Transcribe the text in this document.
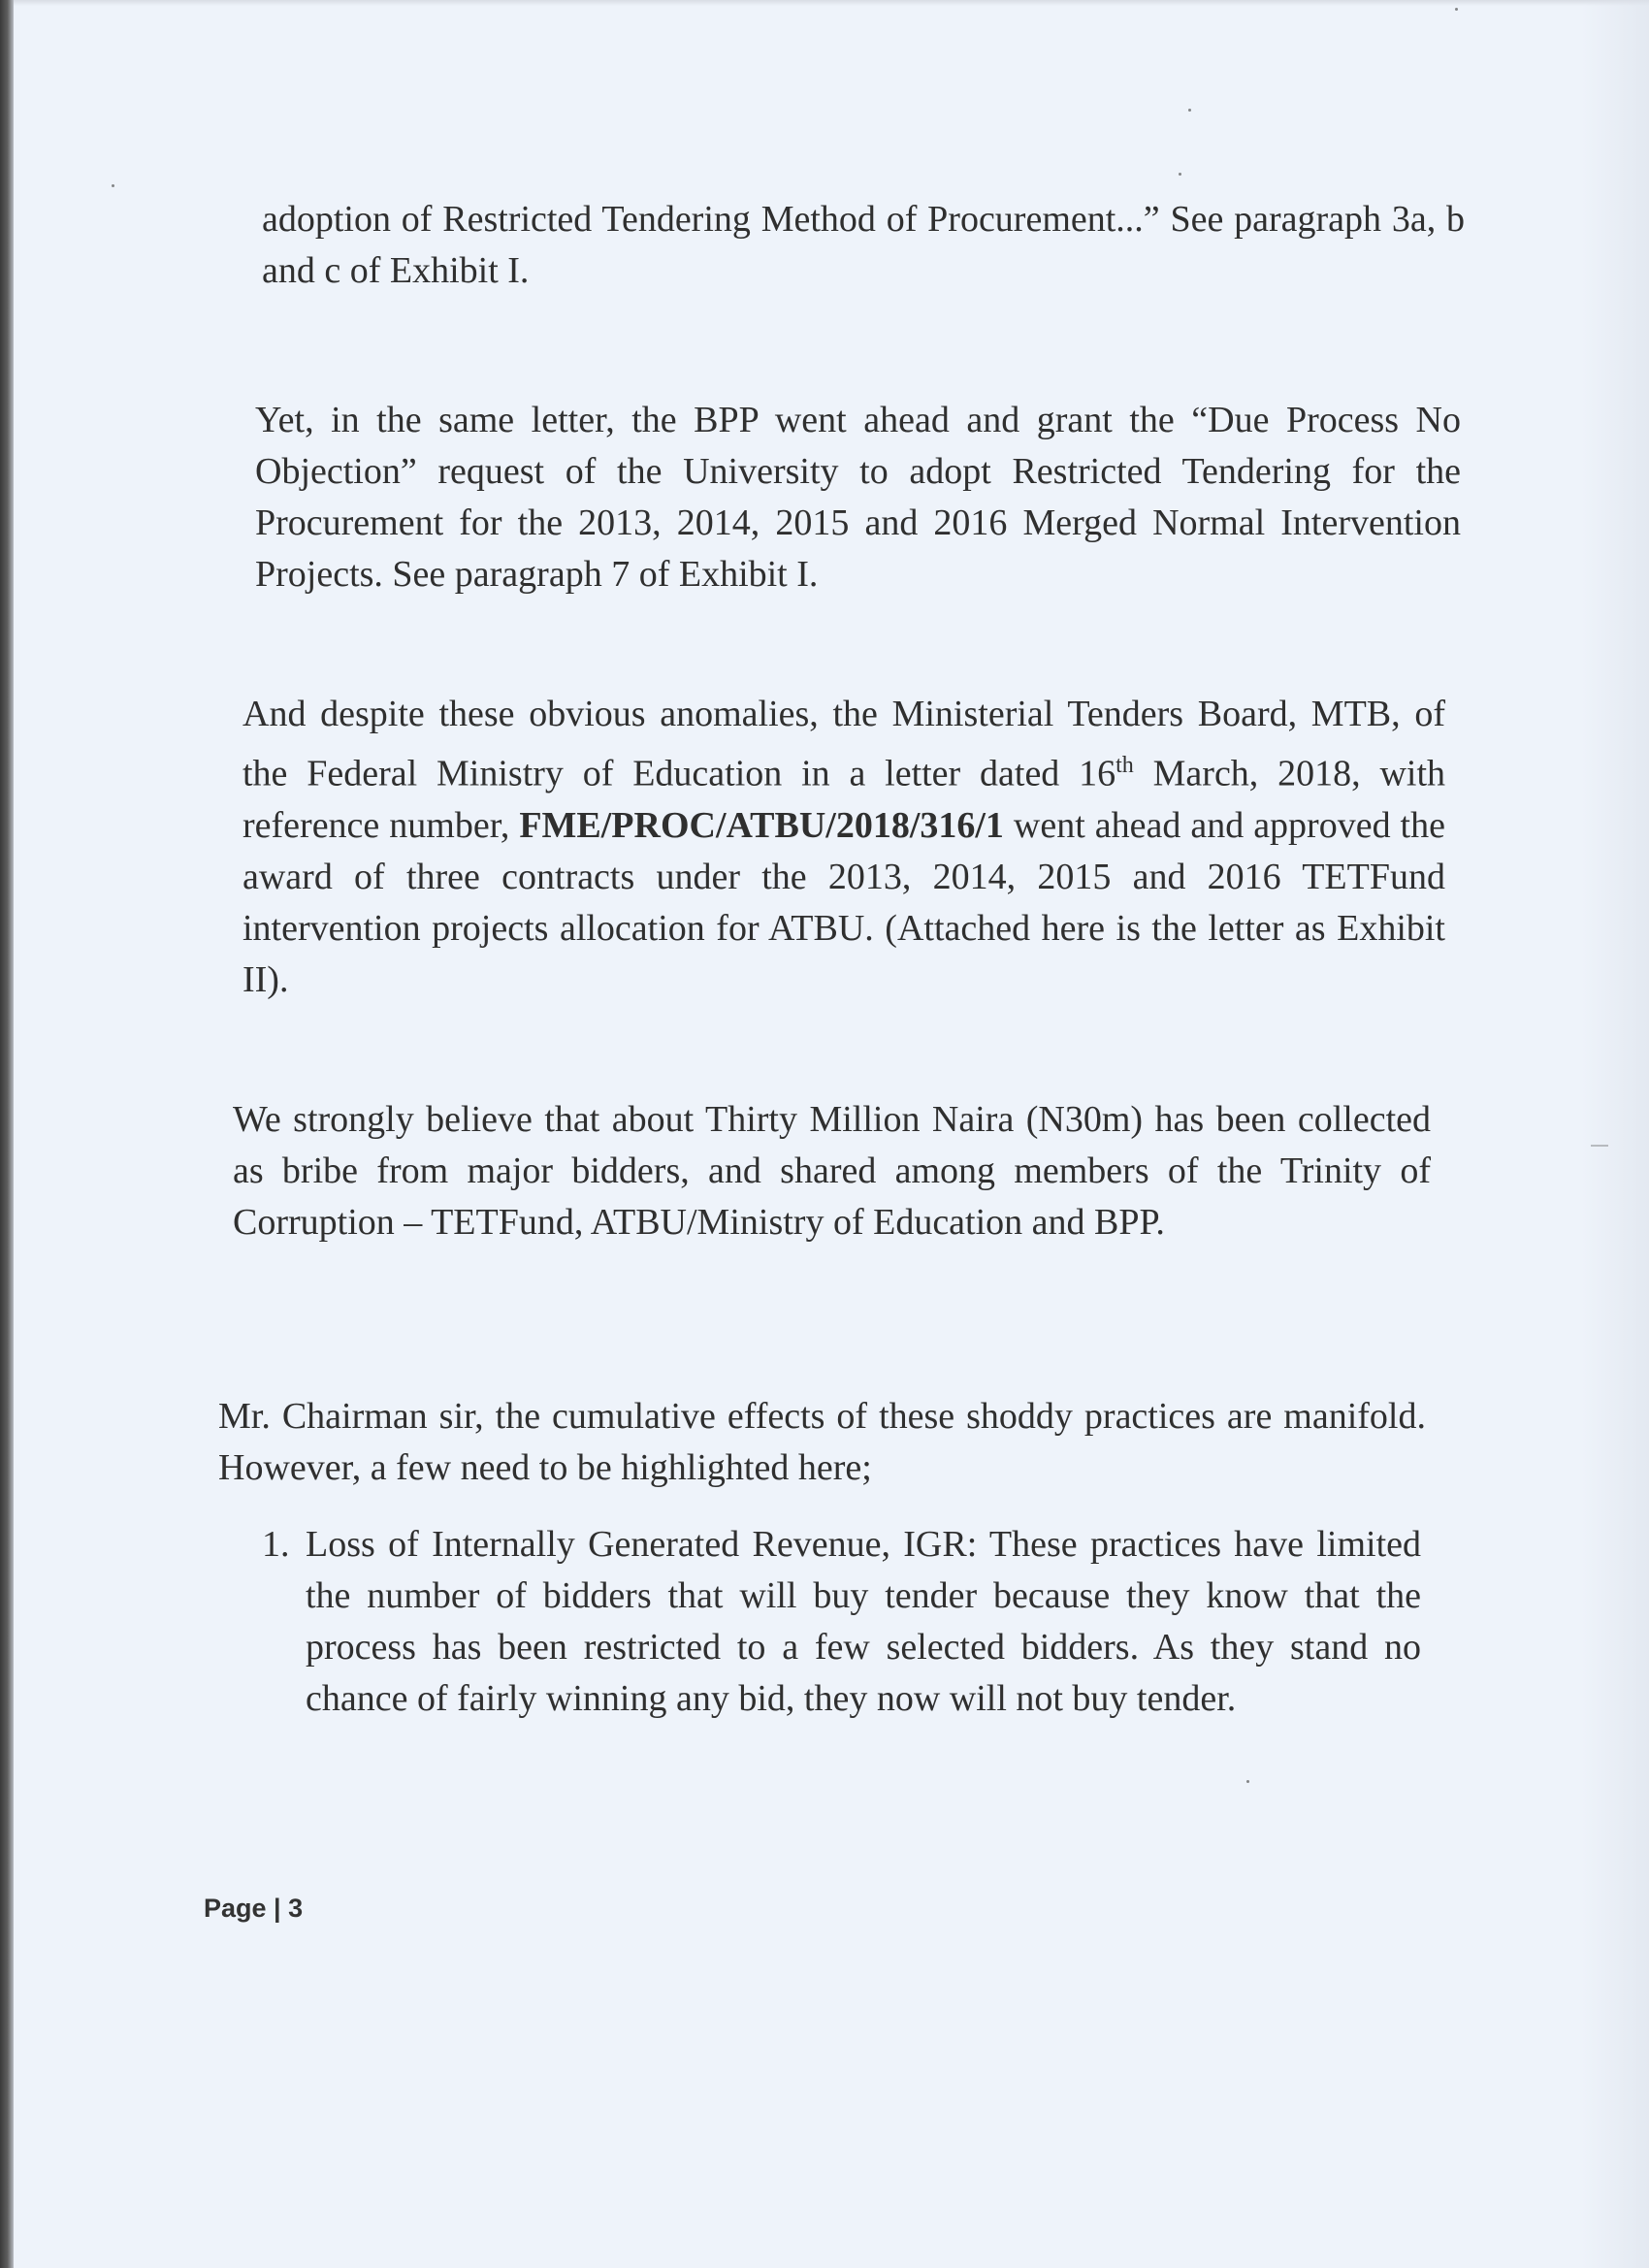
adoption of Restricted Tendering Method of Procurement...” See paragraph 3a, b and c of Exhibit I.

Yet, in the same letter, the BPP went ahead and grant the “Due Process No Objection” request of the University to adopt Restricted Tendering for the Procurement for the 2013, 2014, 2015 and 2016 Merged Normal Intervention Projects. See paragraph 7 of Exhibit I.

And despite these obvious anomalies, the Ministerial Tenders Board, MTB, of the Federal Ministry of Education in a letter dated 16th March, 2018, with reference number, FME/PROC/ATBU/2018/316/1 went ahead and approved the award of three contracts under the 2013, 2014, 2015 and 2016 TETFund intervention projects allocation for ATBU. (Attached here is the letter as Exhibit II).

We strongly believe that about Thirty Million Naira (N30m) has been collected as bribe from major bidders, and shared among members of the Trinity of Corruption – TETFund, ATBU/Ministry of Education and BPP.

Mr. Chairman sir, the cumulative effects of these shoddy practices are manifold. However, a few need to be highlighted here;

1. Loss of Internally Generated Revenue, IGR: These practices have limited the number of bidders that will buy tender because they know that the process has been restricted to a few selected bidders. As they stand no chance of fairly winning any bid, they now will not buy tender.
Page | 3
